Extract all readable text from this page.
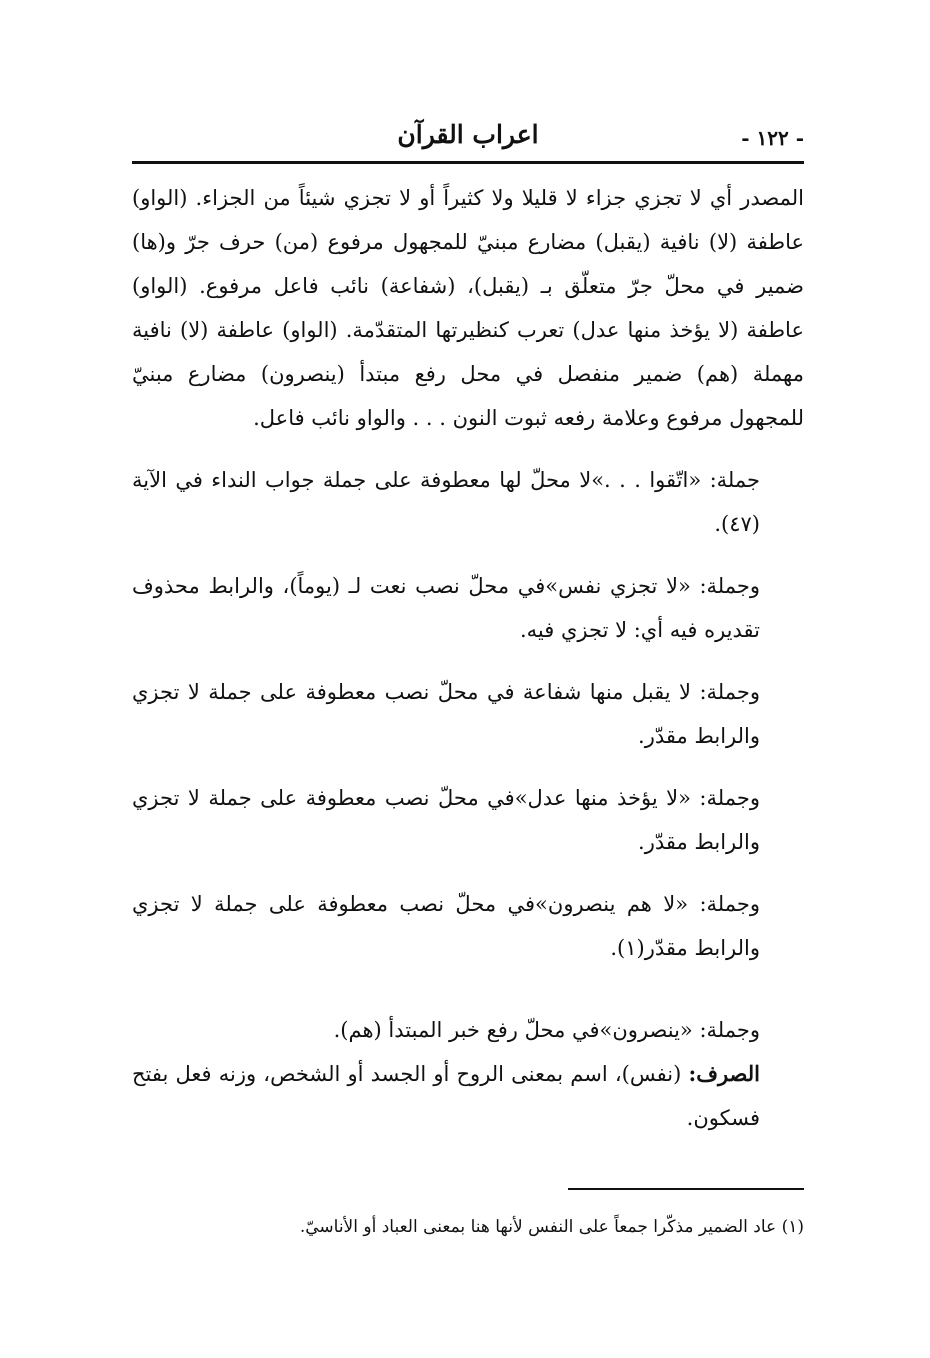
اعراب القرآن	- ١٢٢ -

المصدر أي لا تجزي جزاء لا قليلا ولا كثيراً أو لا تجزي شيئاً من الجزاء. (الواو) عاطفة (لا) نافية (يقبل) مضارع مبنيّ للمجهول مرفوع (من) حرف جرّ و(ها) ضمير في محلّ جرّ متعلّق بـ (يقبل)، (شفاعة) نائب فاعل مرفوع. (الواو) عاطفة (لا يؤخذ منها عدل) تعرب كنظيرتها المتقدّمة. (الواو) عاطفة (لا) نافية مهملة (هم) ضمير منفصل في محل رفع مبتدأ (ينصرون) مضارع مبنيّ للمجهول مرفوع وعلامة رفعه ثبوت النون . . . والواو نائب فاعل.

جملة: «اتّقوا . . .»لا محلّ لها معطوفة على جملة جواب النداء في الآية (٤٧).

وجملة: «لا تجزي نفس»في محلّ نصب نعت لـ (يوماً)، والرابط محذوف تقديره فيه أي: لا تجزي فيه.

وجملة: لا يقبل منها شفاعة في محلّ نصب معطوفة على جملة لا تجزي والرابط مقدّر.

وجملة: «لا يؤخذ منها عدل»في محلّ نصب معطوفة على جملة لا تجزي والرابط مقدّر.

وجملة: «لا هم ينصرون»في محلّ نصب معطوفة على جملة لا تجزي والرابط مقدّر(١).

وجملة: «ينصرون»في محلّ رفع خبر المبتدأ (هم).

الصرف: (نفس)، اسم بمعنى الروح أو الجسد أو الشخص، وزنه فعل بفتح فسكون.

(١) عاد الضمير مذكّرا جمعاً على النفس لأنها هنا بمعنى العباد أو الأناسيّ.
